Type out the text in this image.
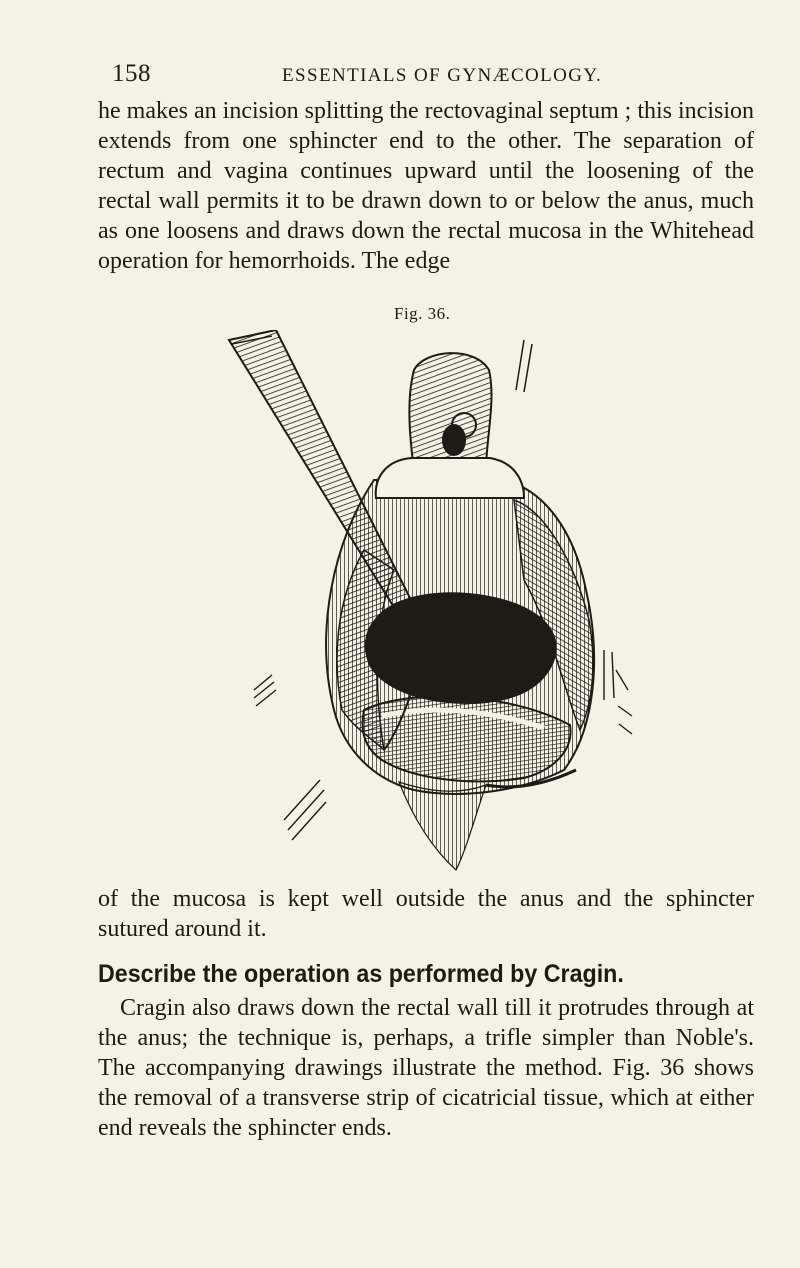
158	ESSENTIALS OF GYNÆCOLOGY.

he makes an incision splitting the rectovaginal septum ; this incision extends from one sphincter end to the other. The separation of rectum and vagina continues upward until the loosening of the rectal wall permits it to be drawn down to or below the anus, much as one loosens and draws down the rectal mucosa in the Whitehead operation for hemorrhoids. The edge

Fig. 36.

of the mucosa is kept well outside the anus and the sphincter sutured around it.

Describe the operation as performed by Cragin.

Cragin also draws down the rectal wall till it protrudes through at the anus; the technique is, perhaps, a trifle simpler than Noble's. The accompanying drawings illustrate the method. Fig. 36 shows the removal of a transverse strip of cicatricial tissue, which at either end reveals the sphincter ends.
